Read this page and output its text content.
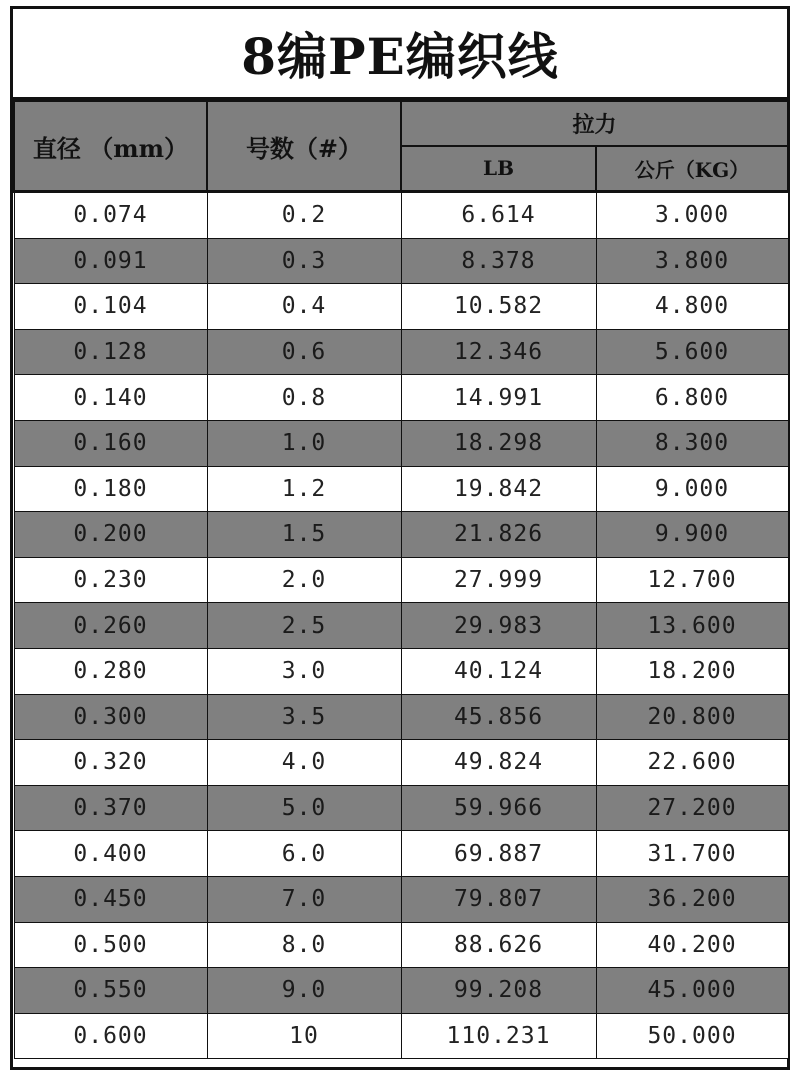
8编PE编织线
直径 （mm）	号数（#）	拉力	
		LB	公斤（KG）
0.074	0.2	6.614	3.000
0.091	0.3	8.378	3.800
0.104	0.4	10.582	4.800
0.128	0.6	12.346	5.600
0.140	0.8	14.991	6.800
0.160	1.0	18.298	8.300
0.180	1.2	19.842	9.000
0.200	1.5	21.826	9.900
0.230	2.0	27.999	12.700
0.260	2.5	29.983	13.600
0.280	3.0	40.124	18.200
0.300	3.5	45.856	20.800
0.320	4.0	49.824	22.600
0.370	5.0	59.966	27.200
0.400	6.0	69.887	31.700
0.450	7.0	79.807	36.200
0.500	8.0	88.626	40.200
0.550	9.0	99.208	45.000
0.600	10	110.231	50.000
